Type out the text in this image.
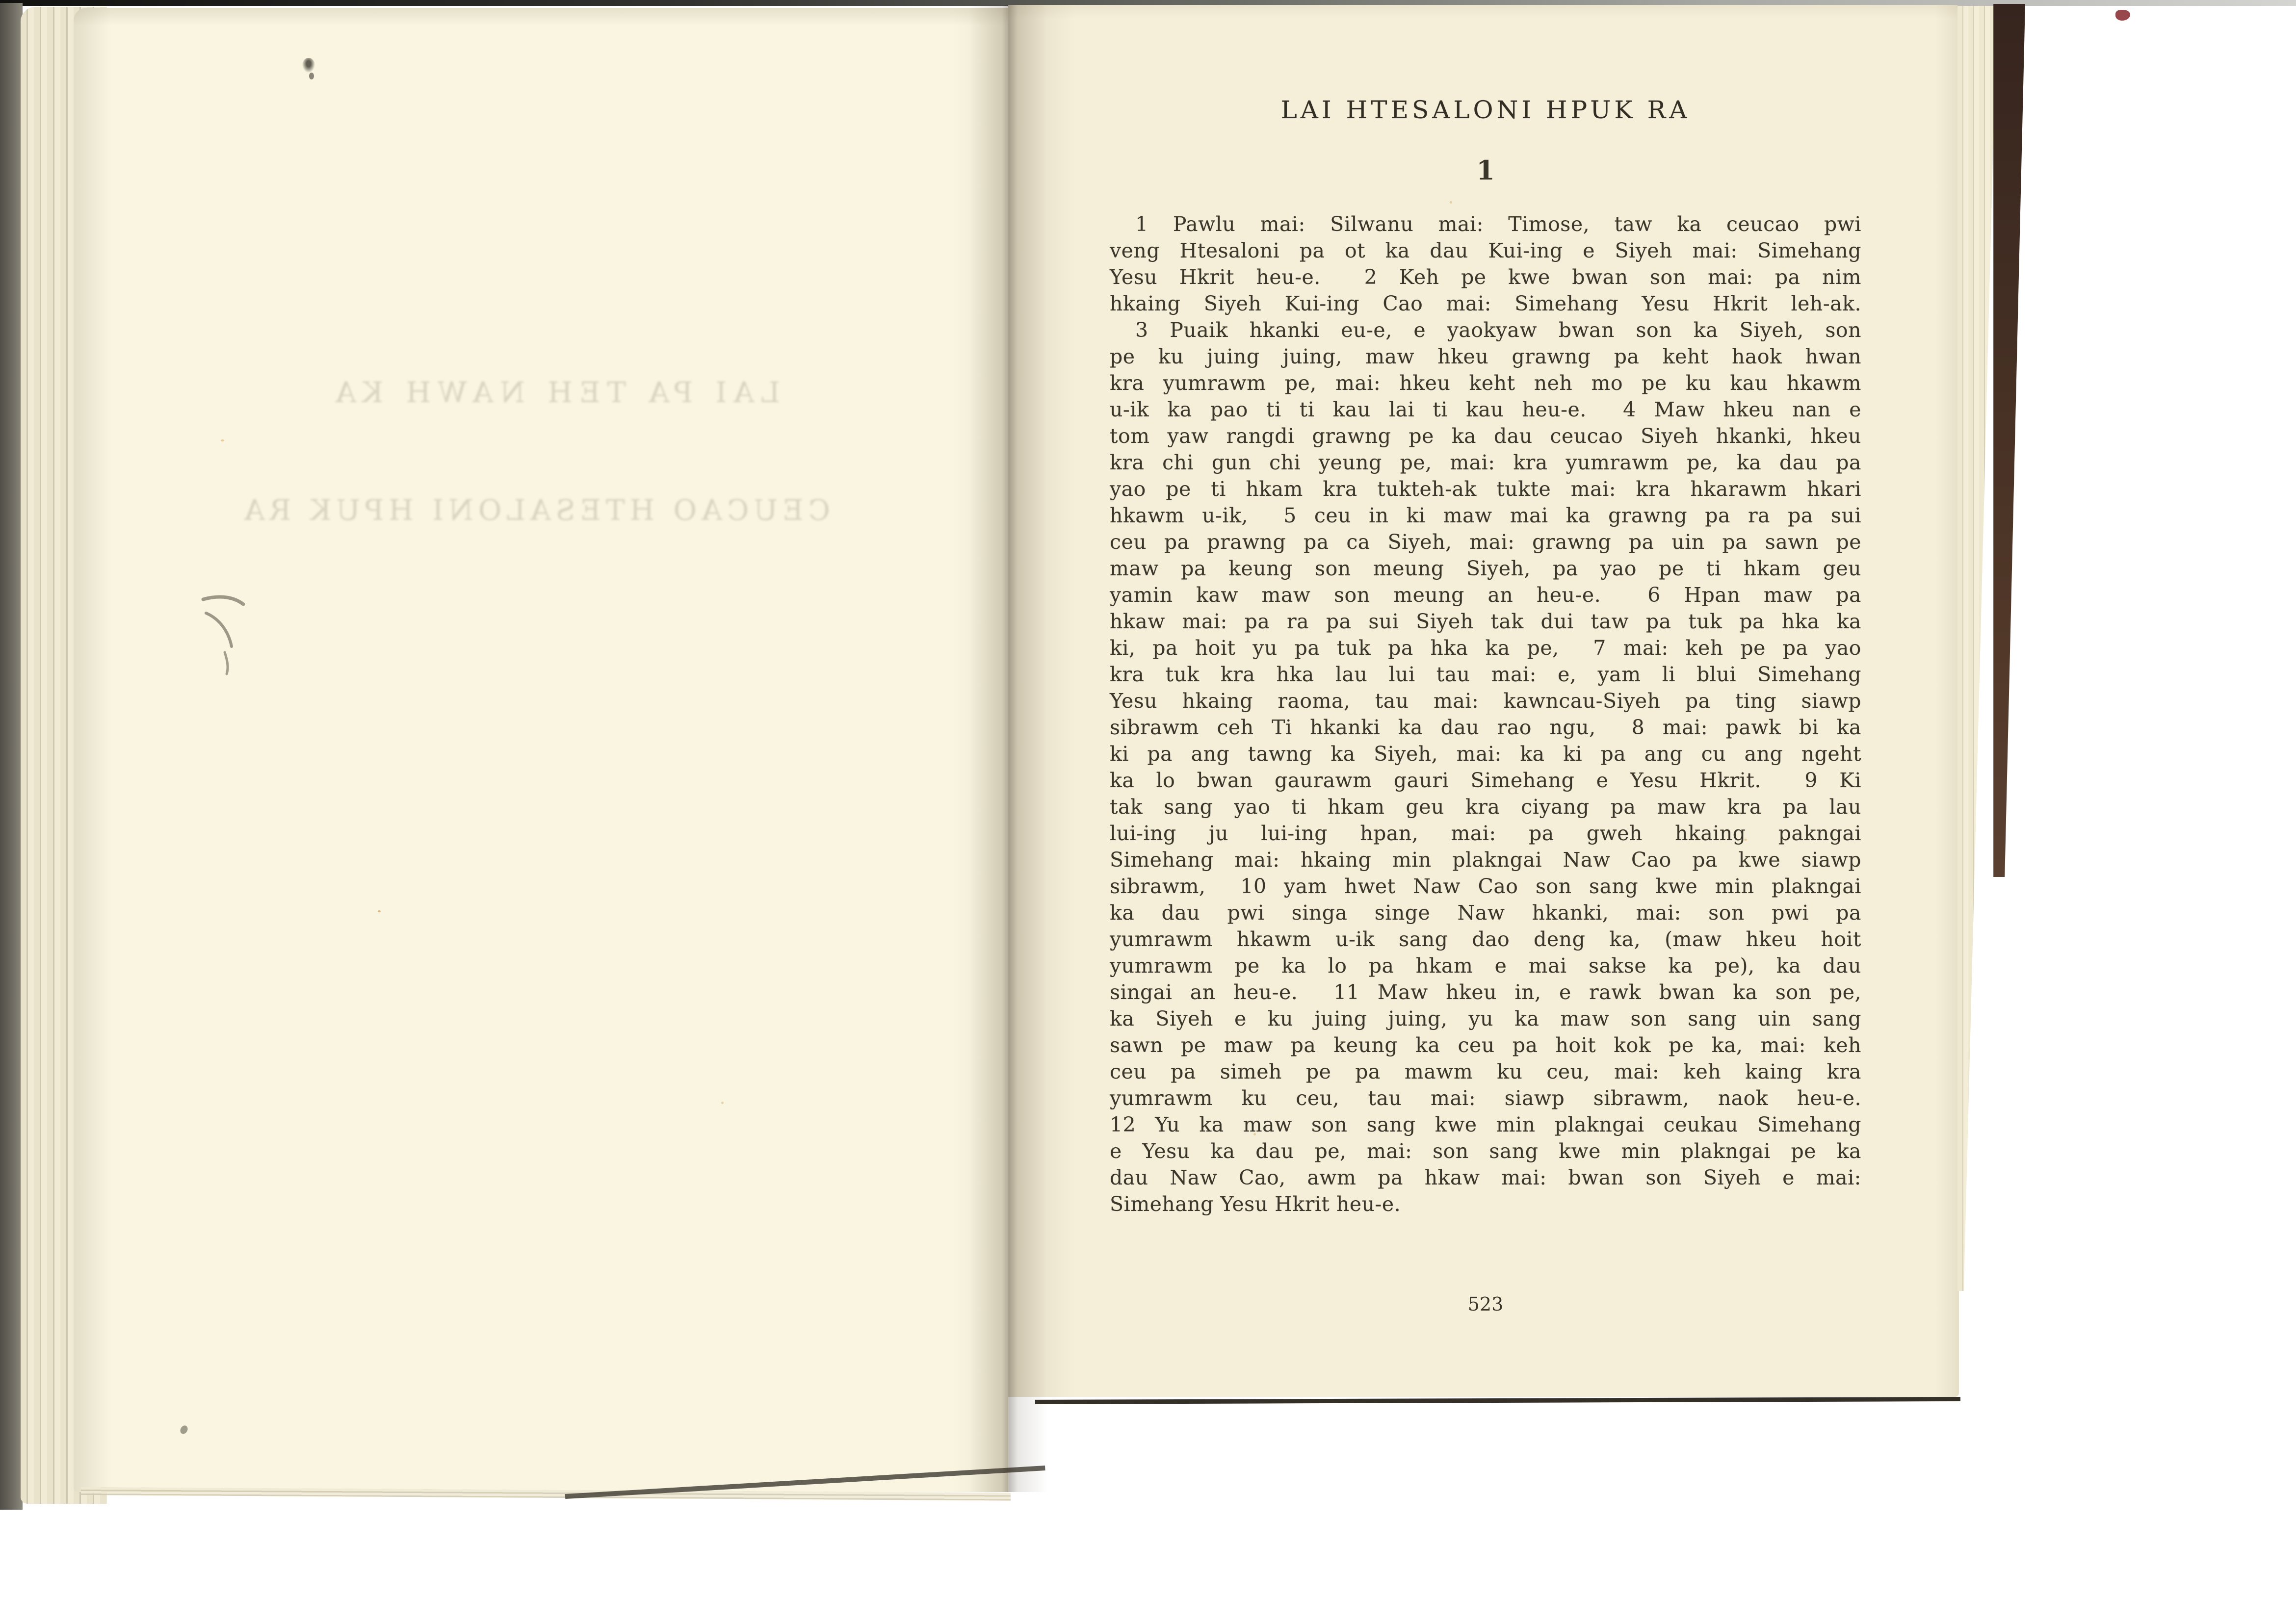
LAI PA TEH NAWH KA
CEUCAO HTESALONI HPUK RA
LAI HTESALONI HPUK RA
1
1 Pawlu mai: Silwanu mai: Timose, taw ka ceucao pwi
veng Htesaloni pa ot ka dau Kui-ing e Siyeh mai: Simehang
Yesu Hkrit heu-e.  2 Keh pe kwe bwan son mai: pa nim
hkaing Siyeh Kui-ing Cao mai: Simehang Yesu Hkrit leh-ak.
3 Puaik hkanki eu-e, e yaokyaw bwan son ka Siyeh, son
pe ku juing juing, maw hkeu grawng pa keht haok hwan
kra yumrawm pe, mai: hkeu keht neh mo pe ku kau hkawm
u-ik ka pao ti ti kau lai ti kau heu-e.  4 Maw hkeu nan e
tom yaw rangdi grawng pe ka dau ceucao Siyeh hkanki, hkeu
kra chi gun chi yeung pe, mai: kra yumrawm pe, ka dau pa
yao pe ti hkam kra tukteh-ak tukte mai: kra hkarawm hkari
hkawm u-ik,  5 ceu in ki maw mai ka grawng pa ra pa sui
ceu pa prawng pa ca Siyeh, mai: grawng pa uin pa sawn pe
maw pa keung son meung Siyeh, pa yao pe ti hkam geu
yamin kaw maw son meung an heu-e.  6 Hpan maw pa
hkaw mai: pa ra pa sui Siyeh tak dui taw pa tuk pa hka ka
ki, pa hoit yu pa tuk pa hka ka pe,  7 mai: keh pe pa yao
kra tuk kra hka lau lui tau mai: e, yam li blui Simehang
Yesu hkaing raoma, tau mai: kawncau-Siyeh pa ting siawp
sibrawm ceh Ti hkanki ka dau rao ngu,  8 mai: pawk bi ka
ki pa ang tawng ka Siyeh, mai: ka ki pa ang cu ang ngeht
ka lo bwan gaurawm gauri Simehang e Yesu Hkrit.  9 Ki
tak sang yao ti hkam geu kra ciyang pa maw kra pa lau
lui-ing ju lui-ing hpan, mai: pa gweh hkaing pakngai
Simehang mai: hkaing min plakngai Naw Cao pa kwe siawp
sibrawm,  10 yam hwet Naw Cao son sang kwe min plakngai
ka dau pwi singa singe Naw hkanki, mai: son pwi pa
yumrawm hkawm u-ik sang dao deng ka, (maw hkeu hoit
yumrawm pe ka lo pa hkam e mai sakse ka pe), ka dau
singai an heu-e.  11 Maw hkeu in, e rawk bwan ka son pe,
ka Siyeh e ku juing juing, yu ka maw son sang uin sang
sawn pe maw pa keung ka ceu pa hoit kok pe ka, mai: keh
ceu pa simeh pe pa mawm ku ceu, mai: keh kaing kra
yumrawm ku ceu, tau mai: siawp sibrawm, naok heu-e.
12 Yu ka maw son sang kwe min plakngai ceukau Simehang
e Yesu ka dau pe, mai: son sang kwe min plakngai pe ka
dau Naw Cao, awm pa hkaw mai: bwan son Siyeh e mai:
Simehang Yesu Hkrit heu-e.
523
